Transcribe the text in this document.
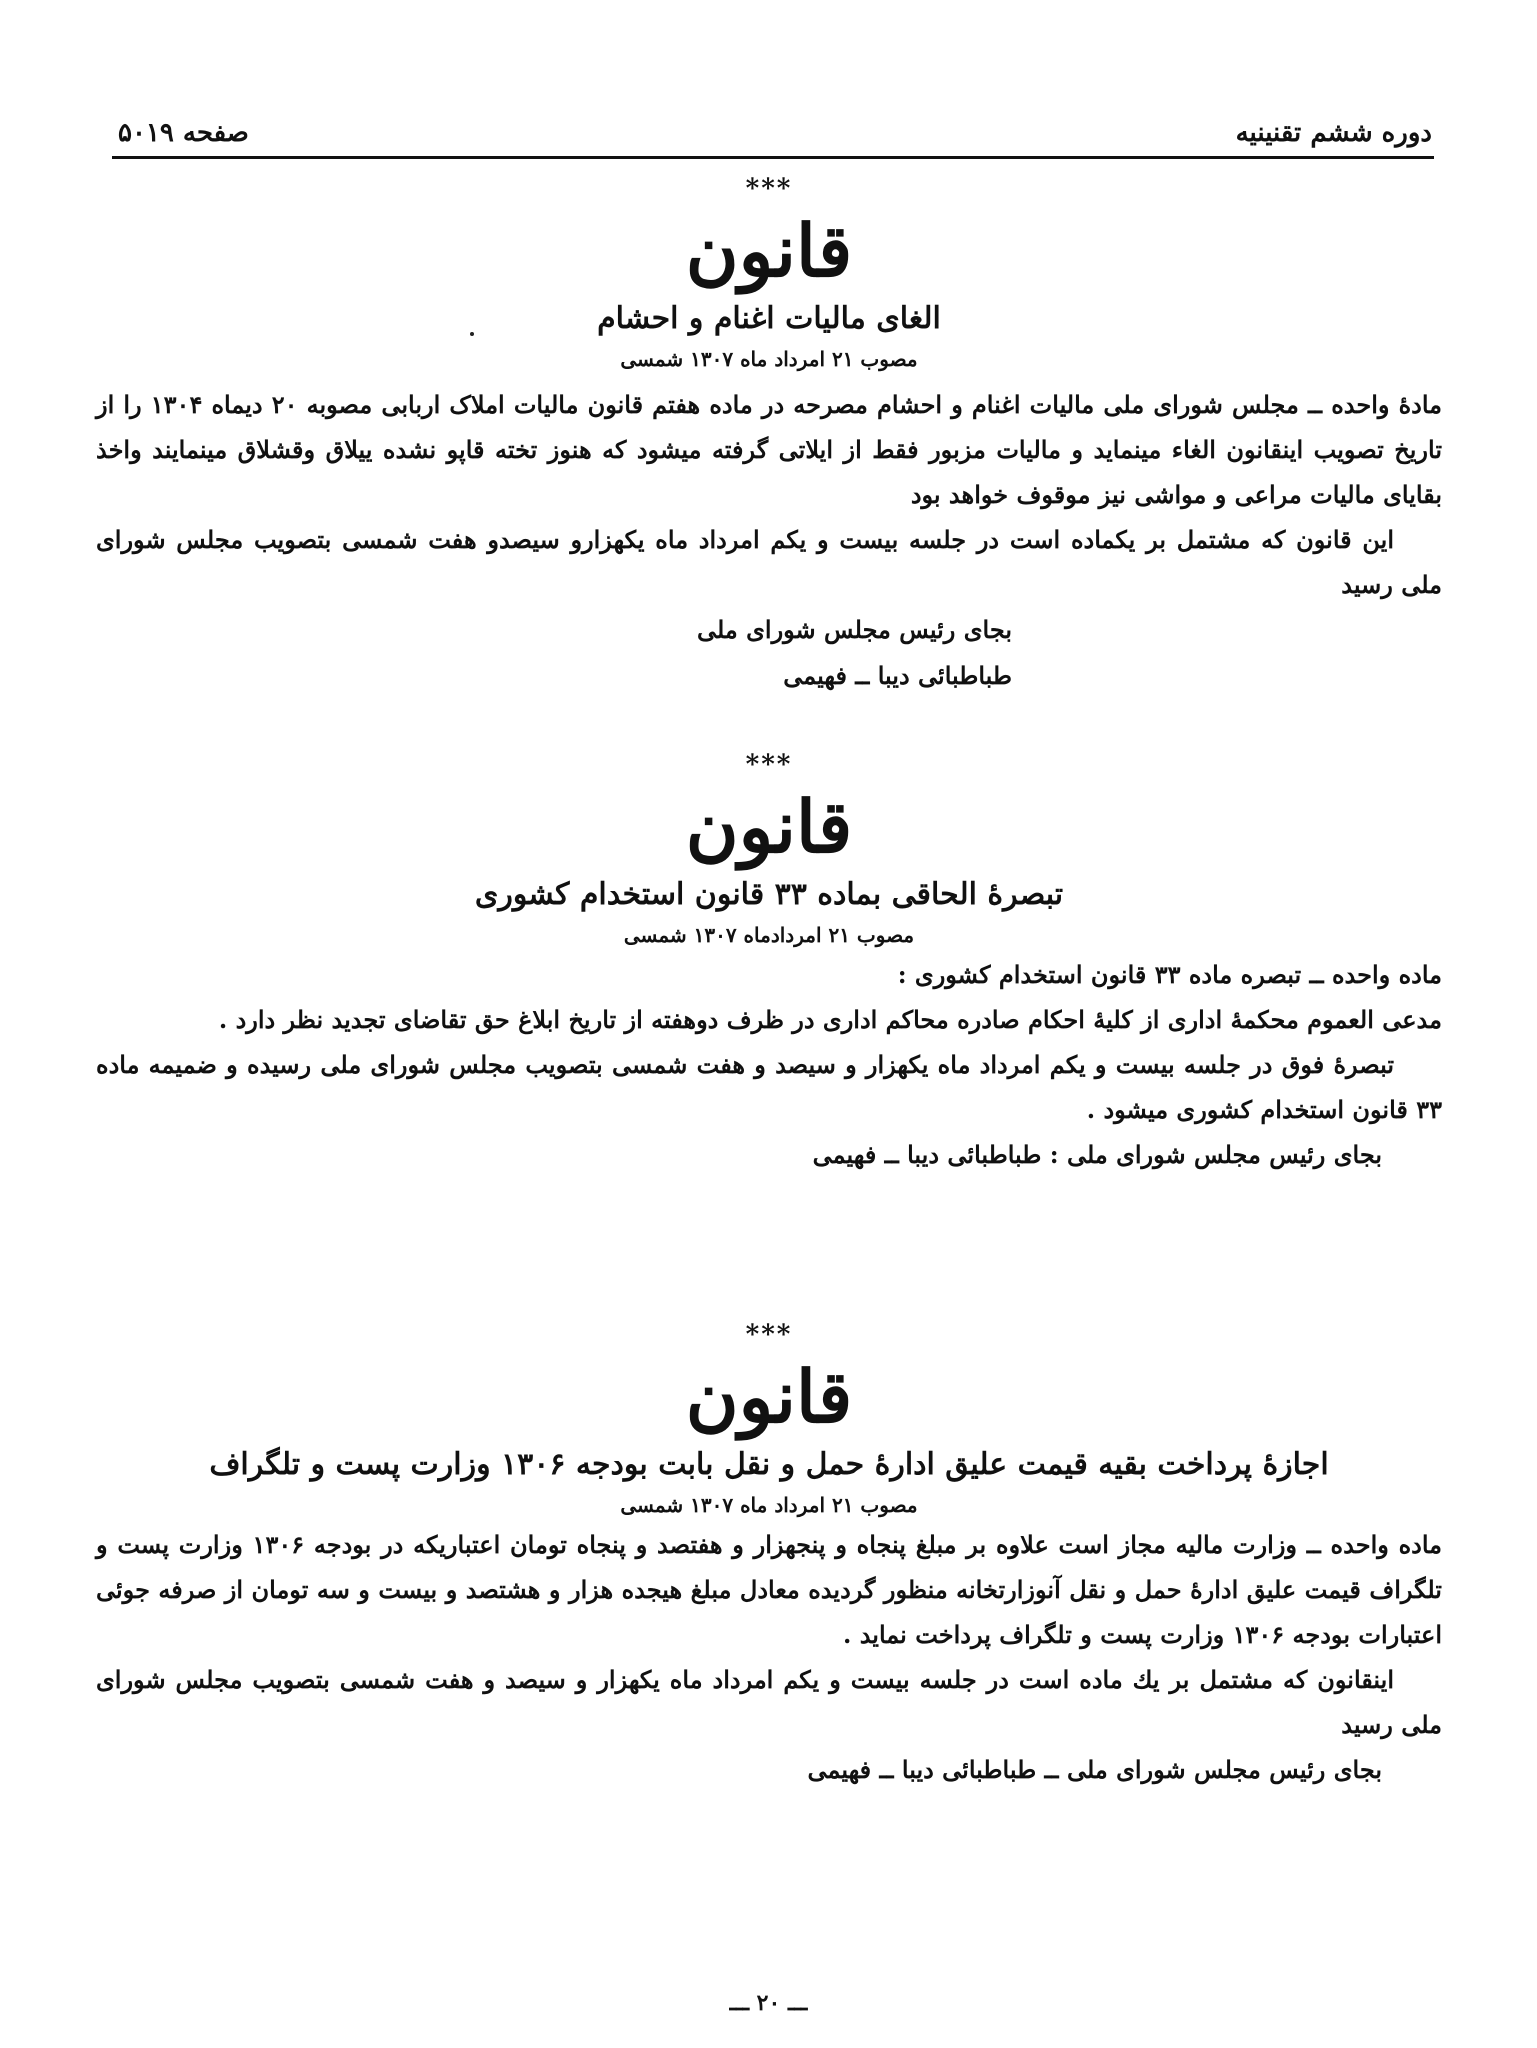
دوره ششم تقنینیه
صفحه ۵۰۱۹
***
قانون
الغای مالیات اغنام و احشام
مصوب ۲۱ امرداد ماه ۱۳۰۷ شمسی
مادهٔ واحده ــ مجلس شورای ملی مالیات اغنام و احشام مصرحه در ماده هفتم قانون مالیات املاک اربابی مصوبه ۲۰ دیماه ۱۳۰۴ را از تاریخ تصویب اینقانون الغاء مینماید و مالیات مزبور فقط از ایلاتی گرفته میشود که هنوز تخته قاپو نشده ییلاق وقشلاق مینمایند واخذ بقایای مالیات مراعی و مواشی نیز موقوف خواهد بود
این قانون که مشتمل بر یکماده است در جلسه بیست و یکم امرداد ماه یکهزارو سیصدو هفت شمسی بتصویب مجلس شورای ملی رسید
بجای رئیس مجلس شورای ملی
طباطبائی دیبا ــ فهیمی
***
قانون
تبصرهٔ الحاقی بماده ۳۳ قانون استخدام کشوری
مصوب ۲۱ امردادماه ۱۳۰۷ شمسی
ماده واحده ــ تبصره ماده ۳۳ قانون استخدام کشوری :
مدعی العموم محکمهٔ اداری از کلیهٔ احکام صادره محاکم اداری در ظرف دوهفته از تاریخ ابلاغ حق تقاضای تجدید نظر دارد .
تبصرهٔ فوق در جلسه بیست و یکم امرداد ماه یکهزار و سیصد و هفت شمسی بتصویب مجلس شورای ملی رسیده و ضمیمه ماده ۳۳ قانون استخدام کشوری میشود .
بجای رئیس مجلس شورای ملی : طباطبائی دیبا ــ فهیمی
***
قانون
اجازهٔ پرداخت بقیه قیمت علیق ادارهٔ حمل و نقل بابت بودجه ۱۳۰۶ وزارت پست و تلگراف
مصوب ۲۱ امرداد ماه ۱۳۰۷ شمسی
ماده واحده ــ وزارت مالیه مجاز است علاوه بر مبلغ پنجاه و پنجهزار و هفتصد و پنجاه تومان اعتباریکه در بودجه ۱۳۰۶ وزارت پست و تلگراف قیمت علیق ادارهٔ حمل و نقل آنوزارتخانه منظور گردیده معادل مبلغ هیجده هزار و هشتصد و بیست و سه تومان از صرفه جوئی اعتبارات بودجه ۱۳۰۶ وزارت پست و تلگراف پرداخت نماید .
اینقانون که مشتمل بر یك ماده است در جلسه بیست و یکم امرداد ماه یکهزار و سیصد و هفت شمسی بتصویب مجلس شورای ملی رسید
بجای رئیس مجلس شورای ملی ــ طباطبائی دیبا ــ فهیمی
ـــ ۲۰ ـــ
